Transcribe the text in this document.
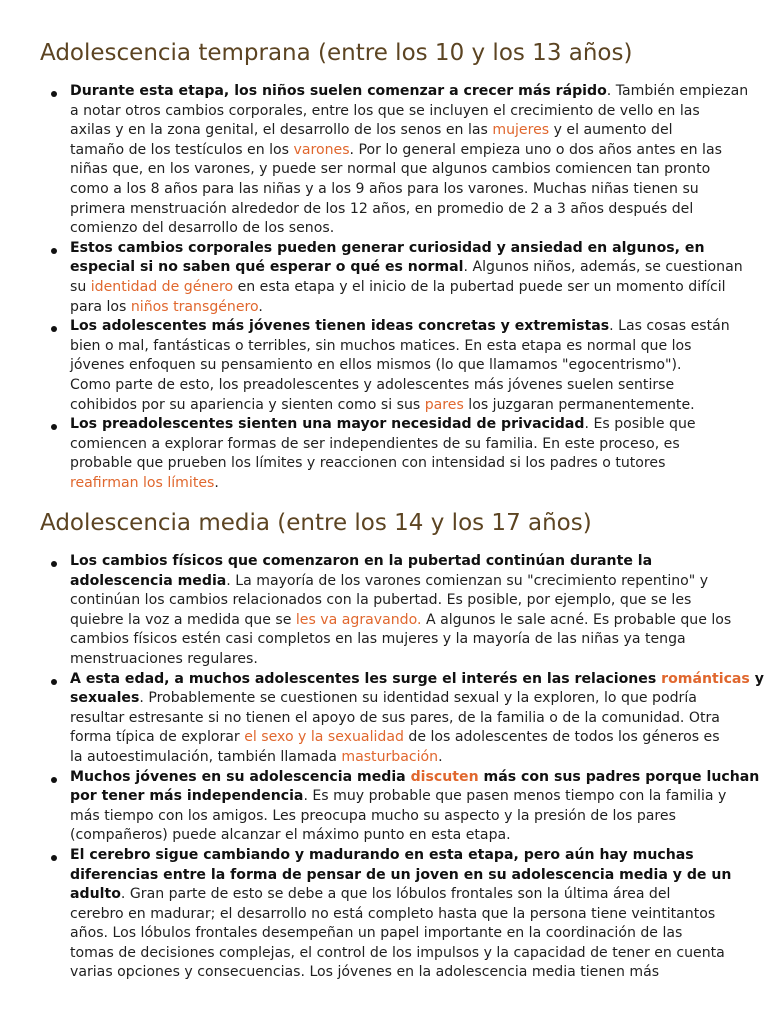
Adolescencia temprana (entre los 10 y los 13 años)
Durante esta etapa, los niños suelen comenzar a crecer más rápido. También empiezan
a notar otros cambios corporales, entre los que se incluyen el crecimiento de vello en las
axilas y en la zona genital, el desarrollo de los senos en las mujeres y el aumento del
tamaño de los testículos en los varones. Por lo general empieza uno o dos años antes en las
niñas que, en los varones, y puede ser normal que algunos cambios comiencen tan pronto
como a los 8 años para las niñas y a los 9 años para los varones. Muchas niñas tienen su
primera menstruación alrededor de los 12 años, en promedio de 2 a 3 años después del
comienzo del desarrollo de los senos.
Estos cambios corporales pueden generar curiosidad y ansiedad en algunos, en
especial si no saben qué esperar o qué es normal. Algunos niños, además, se cuestionan
su identidad de género en esta etapa y el inicio de la pubertad puede ser un momento difícil
para los niños transgénero.
Los adolescentes más jóvenes tienen ideas concretas y extremistas. Las cosas están
bien o mal, fantásticas o terribles, sin muchos matices. En esta etapa es normal que los
jóvenes enfoquen su pensamiento en ellos mismos (lo que llamamos "egocentrismo").
Como parte de esto, los preadolescentes y adolescentes más jóvenes suelen sentirse
cohibidos por su apariencia y sienten como si sus pares los juzgaran permanentemente.
Los preadolescentes sienten una mayor necesidad de privacidad. Es posible que
comiencen a explorar formas de ser independientes de su familia. En este proceso, es
probable que prueben los límites y reaccionen con intensidad si los padres o tutores
reafirman los límites.
Adolescencia media (entre los 14 y los 17 años)
Los cambios físicos que comenzaron en la pubertad continúan durante la
adolescencia media. La mayoría de los varones comienzan su "crecimiento repentino" y
continúan los cambios relacionados con la pubertad. Es posible, por ejemplo, que se les
quiebre la voz a medida que se les va agravando. A algunos le sale acné. Es probable que los
cambios físicos estén casi completos en las mujeres y la mayoría de las niñas ya tenga
menstruaciones regulares.
A esta edad, a muchos adolescentes les surge el interés en las relaciones románticas y
sexuales. Probablemente se cuestionen su identidad sexual y la exploren, lo que podría
resultar estresante si no tienen el apoyo de sus pares, de la familia o de la comunidad. Otra
forma típica de explorar el sexo y la sexualidad de los adolescentes de todos los géneros es
la autoestimulación, también llamada masturbación.
Muchos jóvenes en su adolescencia media discuten más con sus padres porque luchan
por tener más independencia. Es muy probable que pasen menos tiempo con la familia y
más tiempo con los amigos. Les preocupa mucho su aspecto y la presión de los pares
(compañeros) puede alcanzar el máximo punto en esta etapa.
El cerebro sigue cambiando y madurando en esta etapa, pero aún hay muchas
diferencias entre la forma de pensar de un joven en su adolescencia media y de un
adulto. Gran parte de esto se debe a que los lóbulos frontales son la última área del
cerebro en madurar; el desarrollo no está completo hasta que la persona tiene veintitantos
años. Los lóbulos frontales desempeñan un papel importante en la coordinación de las
tomas de decisiones complejas, el control de los impulsos y la capacidad de tener en cuenta
varias opciones y consecuencias. Los jóvenes en la adolescencia media tienen más
